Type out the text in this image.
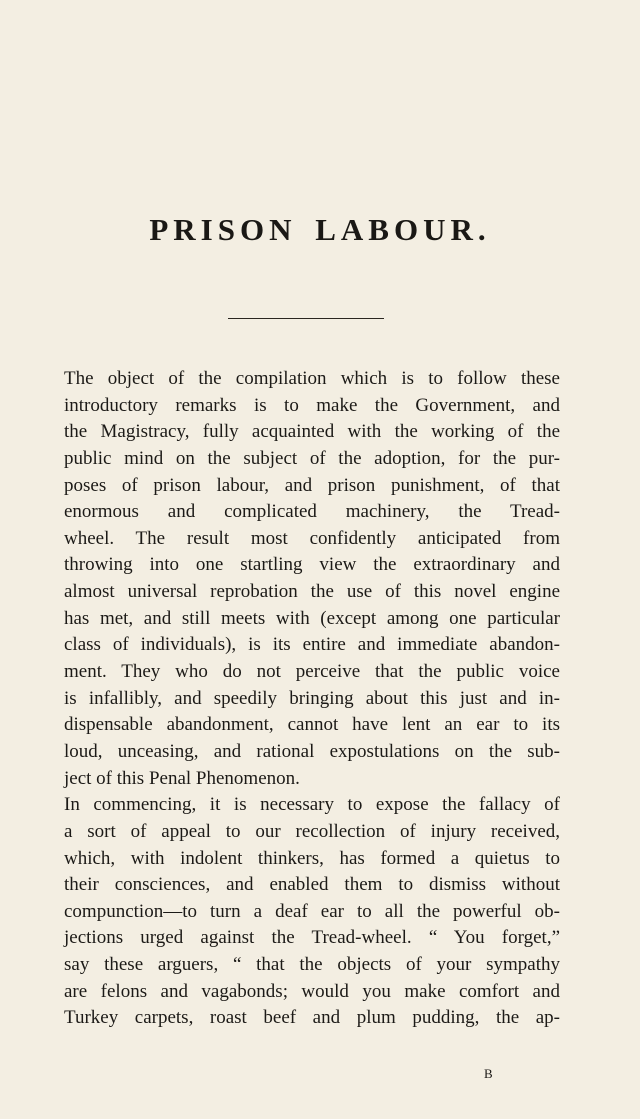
PRISON LABOUR.
The object of the compilation which is to follow these
introductory remarks is to make the Government, and
the Magistracy, fully acquainted with the working of the
public mind on the subject of the adoption, for the pur-
poses of prison labour, and prison punishment, of that
enormous and complicated machinery, the Tread-
wheel. The result most confidently anticipated from
throwing into one startling view the extraordinary and
almost universal reprobation the use of this novel engine
has met, and still meets with (except among one particular
class of individuals), is its entire and immediate abandon-
ment. They who do not perceive that the public voice
is infallibly, and speedily bringing about this just and in-
dispensable abandonment, cannot have lent an ear to its
loud, unceasing, and rational expostulations on the sub-
ject of this Penal Phenomenon.
In commencing, it is necessary to expose the fallacy of
a sort of appeal to our recollection of injury received,
which, with indolent thinkers, has formed a quietus to
their consciences, and enabled them to dismiss without
compunction—to turn a deaf ear to all the powerful ob-
jections urged against the Tread-wheel. “ You forget,”
say these arguers, “ that the objects of your sympathy
are felons and vagabonds; would you make comfort and
Turkey carpets, roast beef and plum pudding, the ap-
B
